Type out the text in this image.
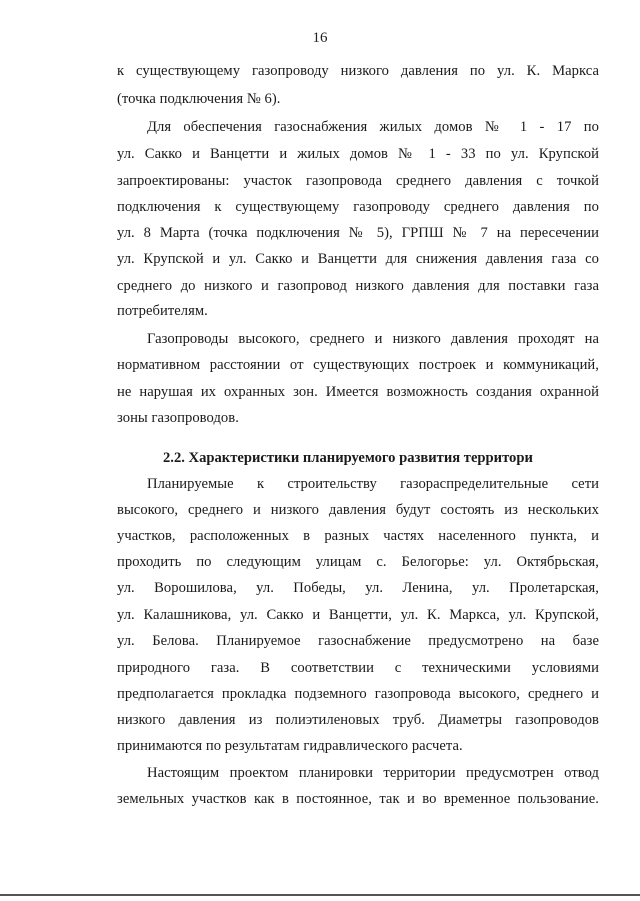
16
к существующему газопроводу низкого давления по ул. К. Маркса
(точка подключения № 6).
Для обеспечения газоснабжения жилых домов № 1 - 17 по
ул. Сакко и Ванцетти и жилых домов № 1 - 33 по ул. Крупской
запроектированы: участок газопровода среднего давления с точкой
подключения к существующему газопроводу среднего давления по
ул. 8 Марта (точка подключения № 5), ГРПШ № 7 на пересечении
ул. Крупской и ул. Сакко и Ванцетти для снижения давления газа со
среднего до низкого и газопровод низкого давления для поставки газа
потребителям.
Газопроводы высокого, среднего и низкого давления проходят на
нормативном расстоянии от существующих построек и коммуникаций,
не нарушая их охранных зон. Имеется возможность создания охранной
зоны газопроводов.
2.2. Характеристики планируемого развития территори
Планируемые к строительству газораспределительные сети
высокого, среднего и низкого давления будут состоять из нескольких
участков, расположенных в разных частях населенного пункта, и
проходить по следующим улицам с. Белогорье: ул. Октябрьская,
ул. Ворошилова, ул. Победы, ул. Ленина, ул. Пролетарская,
ул. Калашникова, ул. Сакко и Ванцетти, ул. К. Маркса, ул. Крупской,
ул. Белова. Планируемое газоснабжение предусмотрено на базе
природного газа. В соответствии с техническими условиями
предполагается прокладка подземного газопровода высокого, среднего и
низкого давления из полиэтиленовых труб. Диаметры газопроводов
принимаются по результатам гидравлического расчета.
Настоящим проектом планировки территории предусмотрен отвод
земельных участков как в постоянное, так и во временное пользование.
